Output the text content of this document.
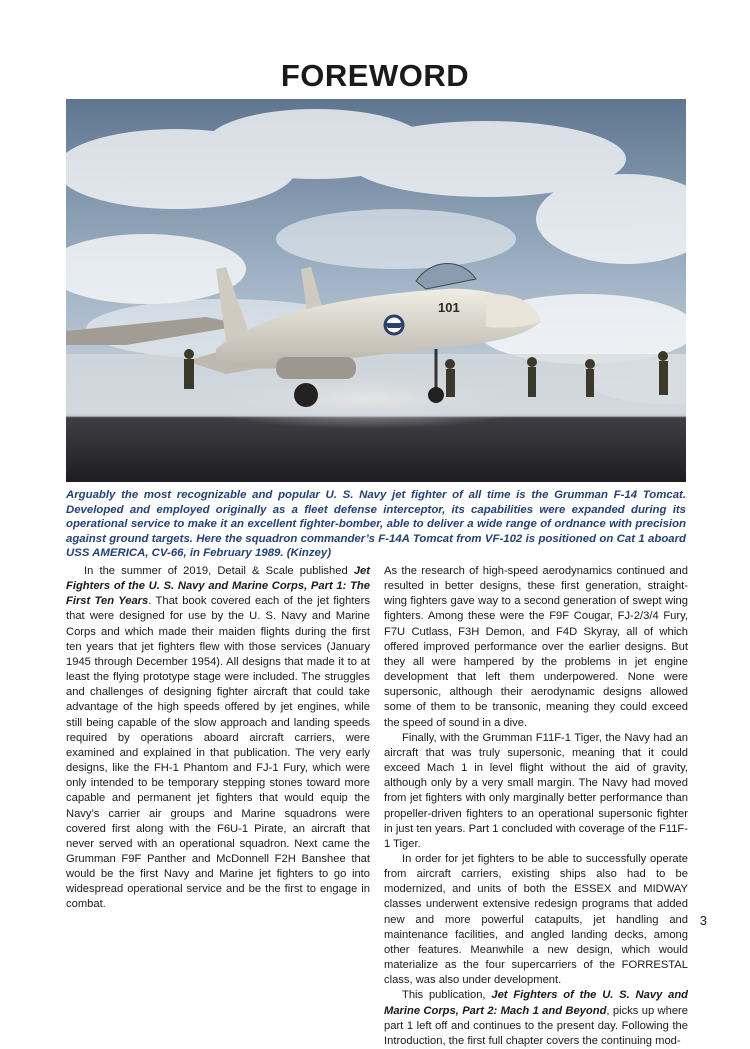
FOREWORD
101

Arguably the most recognizable and popular U. S. Navy jet fighter of all time is the Grumman F-14 Tomcat. Developed and employed originally as a fleet defense interceptor, its capabilities were expanded during its operational service to make it an excellent fighter-bomber, able to deliver a wide range of ordnance with precision against ground targets. Here the squadron commander’s F-14A Tomcat from VF-102 is positioned on Cat 1 aboard USS AMERICA, CV-66, in February 1989. (Kinzey)

In the summer of 2019, Detail & Scale published Jet Fighters of the U. S. Navy and Marine Corps, Part 1: The First Ten Years. That book covered each of the jet fighters that were designed for use by the U. S. Navy and Marine Corps and which made their maiden flights during the first ten years that jet fighters flew with those services (January 1945 through December 1954). All designs that made it to at least the flying prototype stage were included. The struggles and challenges of designing fighter aircraft that could take advantage of the high speeds offered by jet engines, while still being capable of the slow approach and landing speeds required by operations aboard aircraft carriers, were examined and explained in that publication. The very early designs, like the FH-1 Phantom and FJ-1 Fury, which were only intended to be temporary stepping stones toward more capable and permanent jet fighters that would equip the Navy’s carrier air groups and Marine squadrons were covered first along with the F6U-1 Pirate, an aircraft that never served with an operational squadron. Next came the Grumman F9F Panther and McDonnell F2H Banshee that would be the first Navy and Marine jet fighters to go into widespread operational service and be the first to engage in combat.

As the research of high-speed aerodynamics continued and resulted in better designs, these first generation, straight-wing fighters gave way to a second generation of swept wing fighters. Among these were the F9F Cougar, FJ-2/3/4 Fury, F7U Cutlass, F3H Demon, and F4D Skyray, all of which offered improved performance over the earlier designs. But they all were hampered by the problems in jet engine development that left them underpowered. None were supersonic, although their aerodynamic designs allowed some of them to be transonic, meaning they could exceed the speed of sound in a dive.

Finally, with the Grumman F11F-1 Tiger, the Navy had an aircraft that was truly supersonic, meaning that it could exceed Mach 1 in level flight without the aid of gravity, although only by a very small margin. The Navy had moved from jet fighters with only marginally better performance than propeller-driven fighters to an operational supersonic fighter in just ten years. Part 1 concluded with coverage of the F11F-1 Tiger.

In order for jet fighters to be able to successfully operate from aircraft carriers, existing ships also had to be modernized, and units of both the ESSEX and MIDWAY classes underwent extensive redesign programs that added new and more powerful catapults, jet handling and maintenance facilities, and angled landing decks, among other features. Meanwhile a new design, which would materialize as the four supercarriers of the FORRESTAL class, was also under development.

This publication, Jet Fighters of the U. S. Navy and Marine Corps, Part 2: Mach 1 and Beyond, picks up where part 1 left off and continues to the present day. Following the Introduction, the first full chapter covers the continuing mod-

3
